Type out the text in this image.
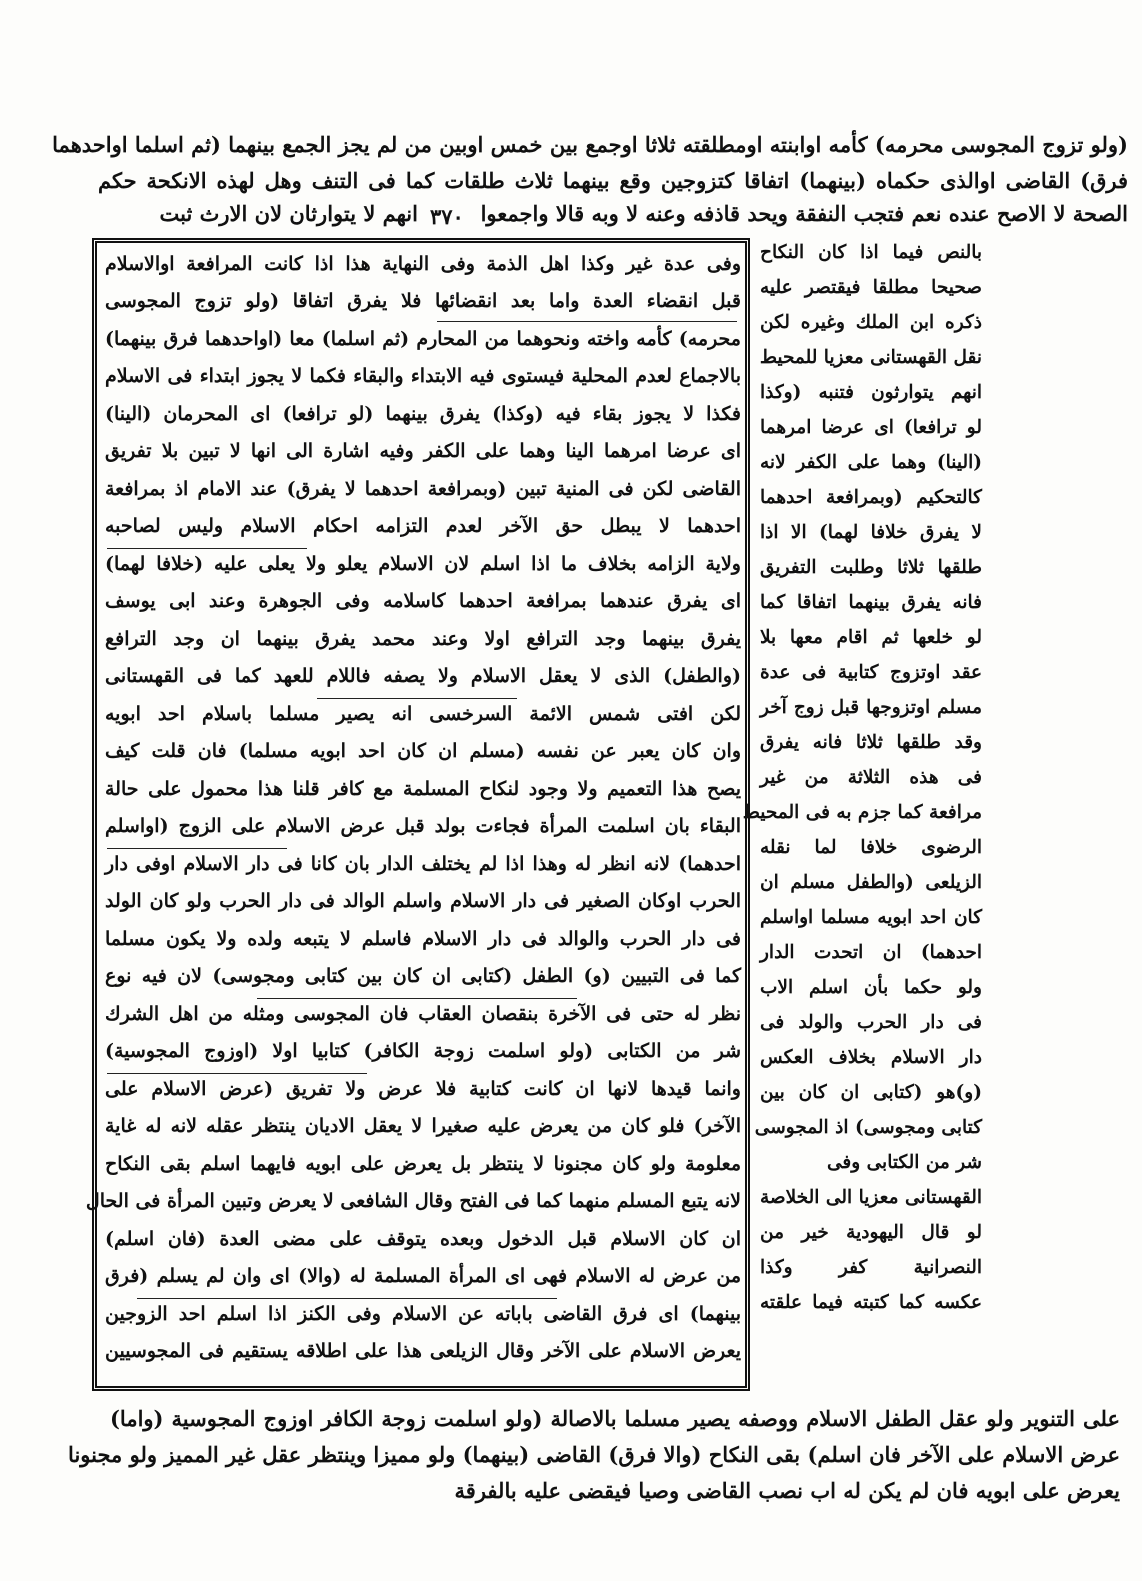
(ولو تزوج المجوسى محرمه) كأمه اوابنته اومطلقته ثلاثا اوجمع بين خمس اوبين من لم يجز الجمع بينهما (ثم اسلما اواحدهما
فرق) القاضى اوالذى حكماه (بينهما) اتفاقا كتزوجين وقع بينهما ثلاث طلقات كما فى التنف وهل لهذه الانكحة حكم
الصحة لا الاصح عنده نعم فتجب النفقة ويحد قاذفه وعنه لا وبه قالا واجمعوا
٣٧٠
انهم لا يتوارثان لان الارث ثبت
وفى عدة غير وكذا اهل الذمة وفى النهاية هذا اذا كانت المرافعة اوالاسلام
قبل انقضاء العدة واما بعد انقضائها فلا يفرق اتفاقا (ولو تزوج المجوسى
محرمه) كأمه واخته ونحوهما من المحارم (ثم اسلما) معا (اواحدهما فرق بينهما)
بالاجماع لعدم المحلية فيستوى فيه الابتداء والبقاء فكما لا يجوز ابتداء فى الاسلام
فكذا لا يجوز بقاء فيه (وكذا) يفرق بينهما (لو ترافعا) اى المحرمان (الينا)
اى عرضا امرهما الينا وهما على الكفر وفيه اشارة الى انها لا تبين بلا تفريق
القاضى لكن فى المنية تبين (وبمرافعة احدهما لا يفرق) عند الامام اذ بمرافعة
احدهما لا يبطل حق الآخر لعدم التزامه احكام الاسلام وليس لصاحبه
ولاية الزامه بخلاف ما اذا اسلم لان الاسلام يعلو ولا يعلى عليه (خلافا لهما)
اى يفرق عندهما بمرافعة احدهما كاسلامه وفى الجوهرة وعند ابى يوسف
يفرق بينهما وجد الترافع اولا وعند محمد يفرق بينهما ان وجد الترافع
(والطفل) الذى لا يعقل الاسلام ولا يصفه فاللام للعهد كما فى القهستانى
لكن افتى شمس الائمة السرخسى انه يصير مسلما باسلام احد ابويه
وان كان يعبر عن نفسه (مسلم ان كان احد ابويه مسلما) فان قلت كيف
يصح هذا التعميم ولا وجود لنكاح المسلمة مع كافر قلنا هذا محمول على حالة
البقاء بان اسلمت المرأة فجاءت بولد قبل عرض الاسلام على الزوج (اواسلم
احدهما) لانه انظر له وهذا اذا لم يختلف الدار بان كانا فى دار الاسلام اوفى دار
الحرب اوكان الصغير فى دار الاسلام واسلم الوالد فى دار الحرب ولو كان الولد
فى دار الحرب والوالد فى دار الاسلام فاسلم لا يتبعه ولده ولا يكون مسلما
كما فى التبيين (و) الطفل (كتابى ان كان بين كتابى ومجوسى) لان فيه نوع
نظر له حتى فى الآخرة بنقصان العقاب فان المجوسى ومثله من اهل الشرك
شر من الكتابى (ولو اسلمت زوجة الكافر) كتابيا اولا (اوزوج المجوسية)
وانما قيدها لانها ان كانت كتابية فلا عرض ولا تفريق (عرض الاسلام على
الآخر) فلو كان من يعرض عليه صغيرا لا يعقل الاديان ينتظر عقله لانه له غاية
معلومة ولو كان مجنونا لا ينتظر بل يعرض على ابويه فايهما اسلم بقى النكاح
لانه يتبع المسلم منهما كما فى الفتح وقال الشافعى لا يعرض وتبين المرأة فى الحال
ان كان الاسلام قبل الدخول وبعده يتوقف على مضى العدة (فان اسلم)
من عرض له الاسلام فهى اى المرأة المسلمة له (والا) اى وان لم يسلم (فرق
بينهما) اى فرق القاضى باباته عن الاسلام وفى الكنز اذا اسلم احد الزوجين
يعرض الاسلام على الآخر وقال الزيلعى هذا على اطلاقه يستقيم فى المجوسيين
بالنص فيما اذا كان النكاح
صحيحا مطلقا فيقتصر عليه
ذكره ابن الملك وغيره لكن
نقل القهستانى معزيا للمحيط
انهم يتوارثون فتنبه (وكذا
لو ترافعا) اى عرضا امرهما
(الينا) وهما على الكفر لانه
كالتحكيم (وبمرافعة احدهما
لا يفرق خلافا لهما) الا اذا
طلقها ثلاثا وطلبت التفريق
فانه يفرق بينهما اتفاقا كما
لو خلعها ثم اقام معها بلا
عقد اوتزوج كتابية فى عدة
مسلم اوتزوجها قبل زوج آخر
وقد طلقها ثلاثا فانه يفرق
فى هذه الثلاثة من غير
مرافعة كما جزم به فى المحيط
الرضوى خلافا لما نقله
الزيلعى (والطفل مسلم ان
كان احد ابويه مسلما اواسلم
احدهما) ان اتحدت الدار
ولو حكما بأن اسلم الاب
فى دار الحرب والولد فى
دار الاسلام بخلاف العكس
(و)هو (كتابى ان كان بين
كتابى ومجوسى) اذ المجوسى
شر من الكتابى وفى
القهستانى معزيا الى الخلاصة
لو قال اليهودية خير من
النصرانية كفر وكذا
عكسه كما كتبته فيما علقته
على التنوير ولو عقل الطفل الاسلام ووصفه يصير مسلما بالاصالة (ولو اسلمت زوجة الكافر اوزوج المجوسية (واما)
عرض الاسلام على الآخر فان اسلم) بقى النكاح (والا فرق) القاضى (بينهما) ولو مميزا وينتظر عقل غير المميز ولو مجنونا
يعرض على ابويه فان لم يكن له اب نصب القاضى وصيا فيقضى عليه بالفرقة
